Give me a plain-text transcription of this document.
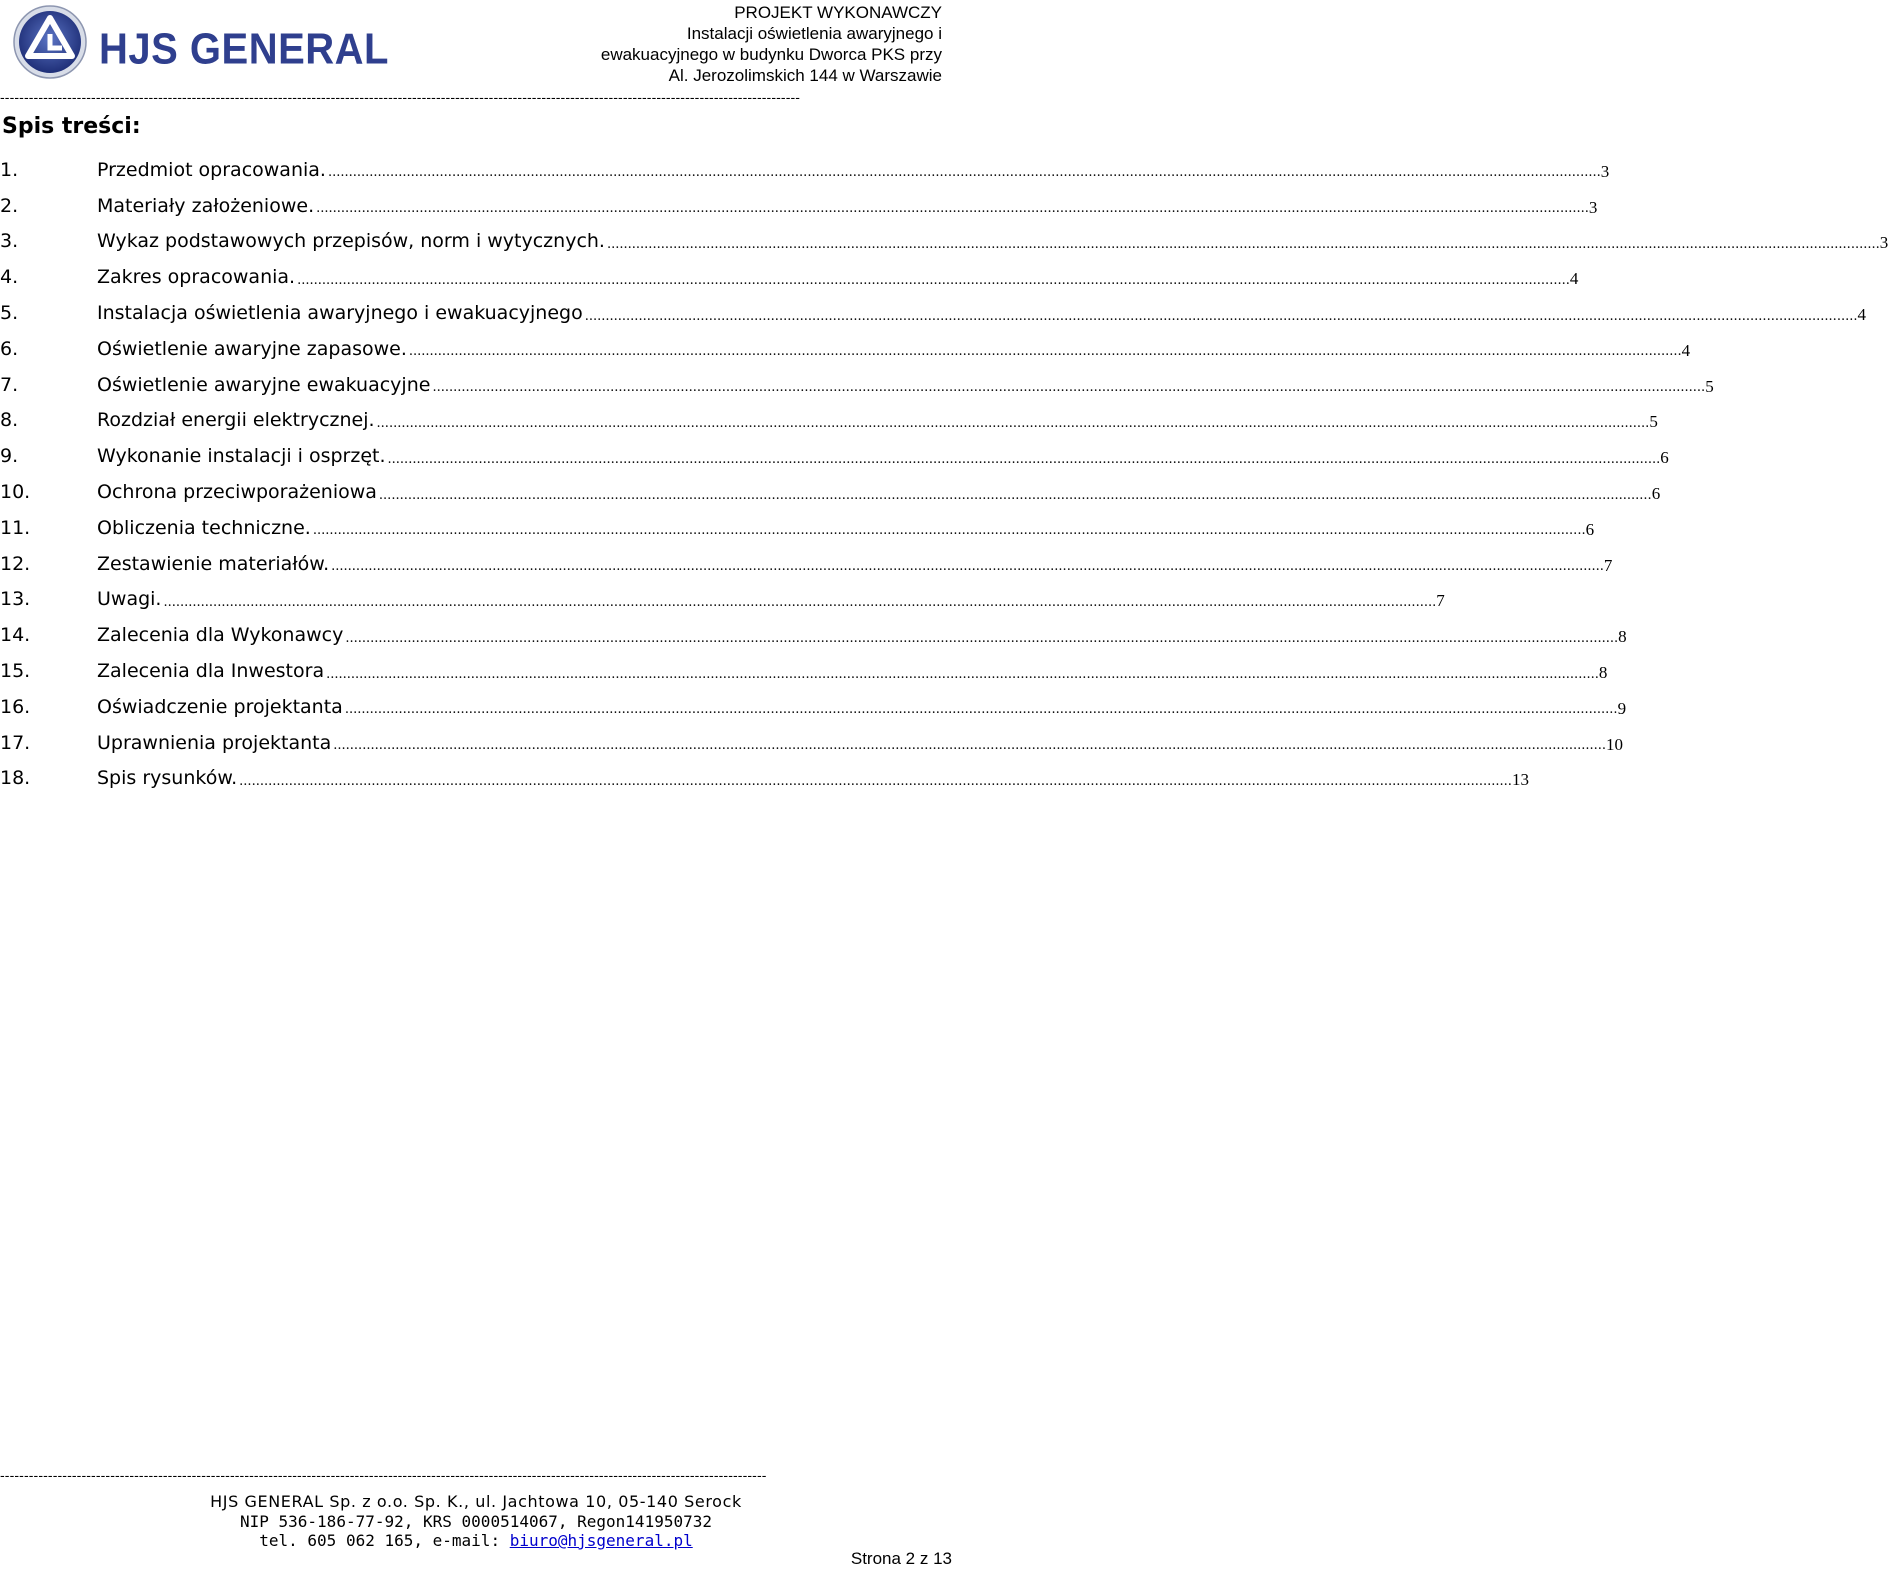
HJS GENERAL
PROJEKT WYKONAWCZY
Instalacji oświetlenia awaryjnego i
ewakuacyjnego w budynku Dworca PKS przy
Al. Jerozolimskich 144 w Warszawie
-----------------------------------------------------------------------------------------------------------------------------------------------------------------------
Spis treści:
1.	Przedmiot opracowania. .................................................................................................................................................................................................................................................................................................................... 3
2.	Materiały założeniowe. .................................................................................................................................................................................................................................................................................................................... 3
3.	Wykaz podstawowych przepisów, norm i wytycznych. .................................................................................................................................................................................................................................................................................................................... 3
4.	Zakres opracowania. .................................................................................................................................................................................................................................................................................................................... 4
5.	Instalacja oświetlenia awaryjnego i ewakuacyjnego .................................................................................................................................................................................................................................................................................................................... 4
6.	Oświetlenie awaryjne zapasowe. .................................................................................................................................................................................................................................................................................................................... 4
7.	Oświetlenie awaryjne ewakuacyjne .................................................................................................................................................................................................................................................................................................................... 5
8.	Rozdział energii elektrycznej. .................................................................................................................................................................................................................................................................................................................... 5
9.	Wykonanie instalacji i osprzęt. .................................................................................................................................................................................................................................................................................................................... 6
10.	Ochrona przeciwporażeniowa .................................................................................................................................................................................................................................................................................................................... 6
11.	Obliczenia techniczne. .................................................................................................................................................................................................................................................................................................................... 6
12.	Zestawienie materiałów. .................................................................................................................................................................................................................................................................................................................... 7
13.	Uwagi. .................................................................................................................................................................................................................................................................................................................... 7
14.	Zalecenia dla Wykonawcy .................................................................................................................................................................................................................................................................................................................... 8
15.	Zalecenia dla Inwestora .................................................................................................................................................................................................................................................................................................................... 8
16.	Oświadczenie projektanta .................................................................................................................................................................................................................................................................................................................... 9
17.	Uprawnienia projektanta .................................................................................................................................................................................................................................................................................................................... 10
18.	Spis rysunków. .................................................................................................................................................................................................................................................................................................................... 13
----------------------------------------------------------------------------------------------------------------------------------------------------------------
HJS GENERAL Sp. z o.o. Sp. K., ul. Jachtowa 10, 05-140 Serock
NIP 536-186-77-92, KRS 0000514067, Regon141950732
tel. 605 062 165, e-mail: biuro@hjsgeneral.pl
Strona 2 z 13
